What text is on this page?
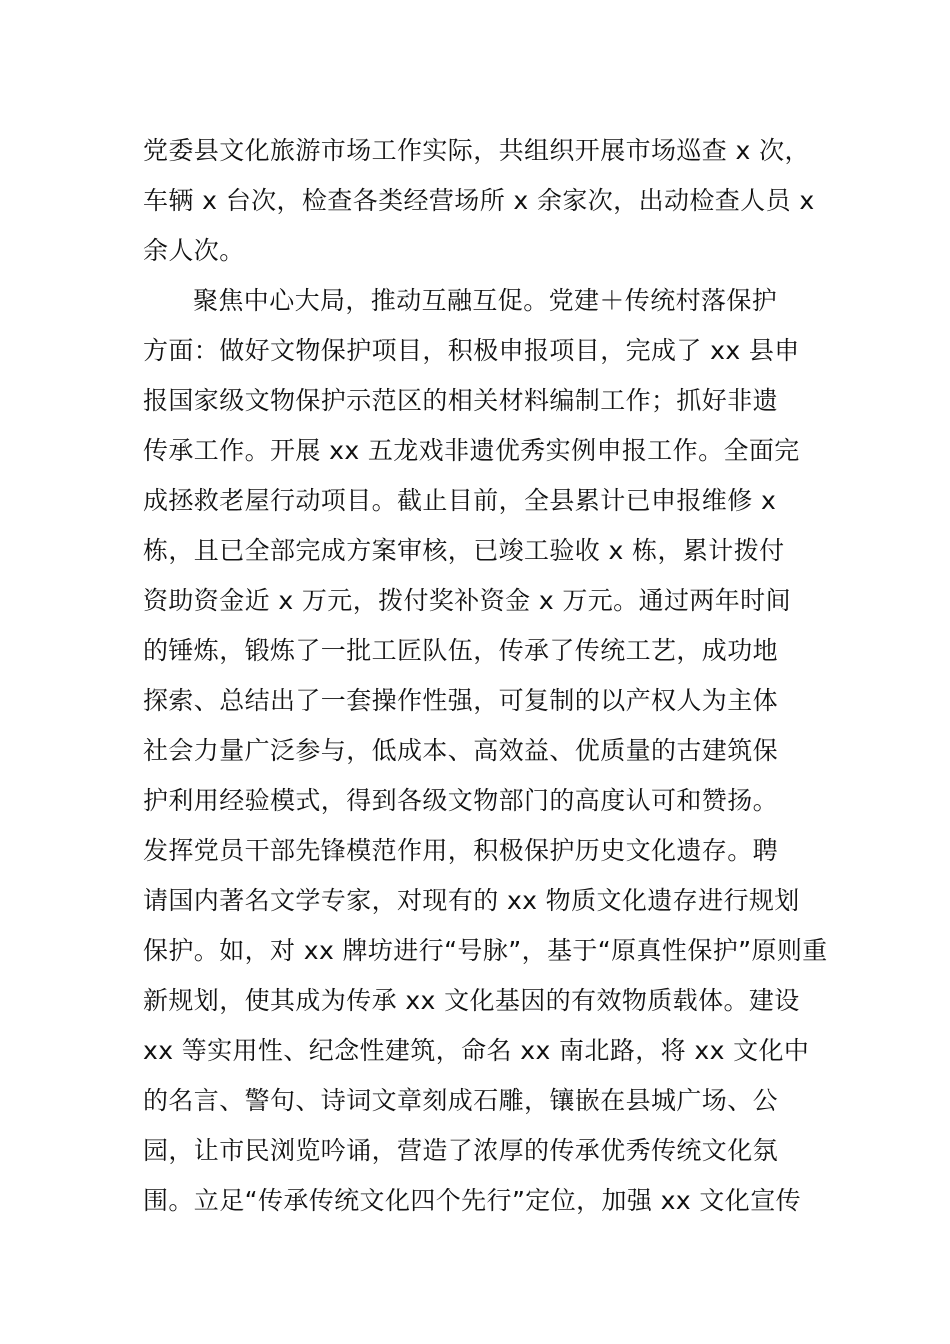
党委县文化旅游市场工作实际，共组织开展市场巡查 x 次，

车辆 x 台次，检查各类经营场所 x 余家次，出动检查人员 x

余人次。

聚焦中心大局，推动互融互促。党建＋传统村落保护

方面：做好文物保护项目，积极申报项目，完成了 xx 县申

报国家级文物保护示范区的相关材料编制工作；抓好非遗

传承工作。开展 xx 五龙戏非遗优秀实例申报工作。全面完

成拯救老屋行动项目。截止目前，全县累计已申报维修 x

栋，且已全部完成方案审核，已竣工验收 x 栋，累计拨付

资助资金近 x 万元，拨付奖补资金 x 万元。通过两年时间

的锤炼，锻炼了一批工匠队伍，传承了传统工艺，成功地

探索、总结出了一套操作性强，可复制的以产权人为主体

社会力量广泛参与，低成本、高效益、优质量的古建筑保

护利用经验模式，得到各级文物部门的高度认可和赞扬。

发挥党员干部先锋模范作用，积极保护历史文化遗存。聘

请国内著名文学专家，对现有的 xx 物质文化遗存进行规划

保护。如，对 xx 牌坊进行“号脉”，基于“原真性保护”原则重

新规划，使其成为传承 xx 文化基因的有效物质载体。建设

xx 等实用性、纪念性建筑，命名 xx 南北路，将 xx 文化中

的名言、警句、诗词文章刻成石雕，镶嵌在县城广场、公

园，让市民浏览吟诵，营造了浓厚的传承优秀传统文化氛

围。立足“传承传统文化四个先行”定位，加强 xx 文化宣传
